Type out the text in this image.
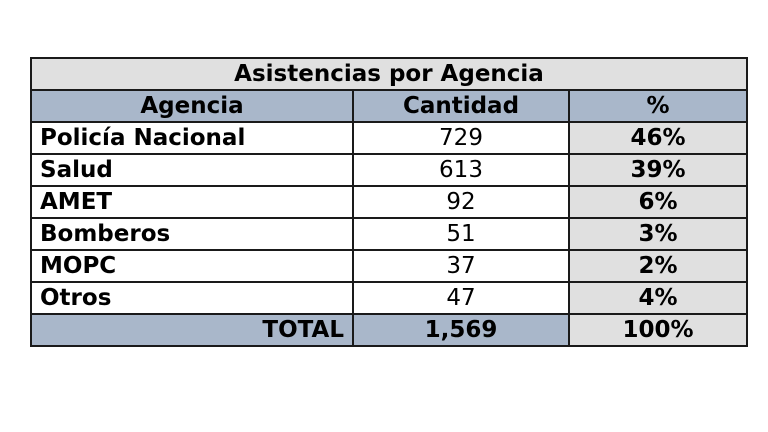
Asistencias por Agencia		
Agencia	Cantidad	%
Policía Nacional	729	46%
Salud	613	39%
AMET	92	6%
Bomberos	51	3%
MOPC	37	2%
Otros	47	4%
TOTAL	1,569	100%
